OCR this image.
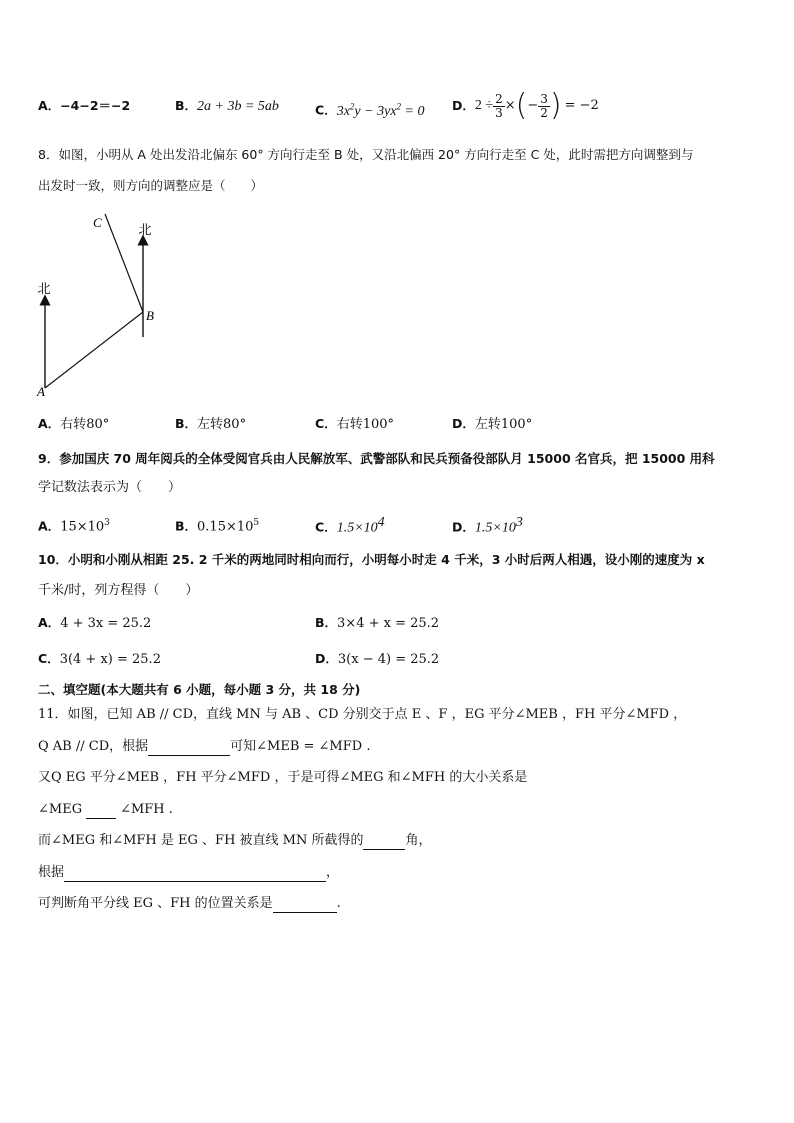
A．−4−2＝−2	B．2a + 3b = 5ab	C．$3x^2y - 3yx^2 = 0$ D． $2 \div \frac{2}{3}$ × ( − $\frac{3}{2}$ ) = −2
8．如图，小明从 A 处出发沿北偏东 60° 方向行走至 B 处，又沿北偏西 20° 方向行走至 C 处，此时需把方向调整到与
出发时一致，则方向的调整应是（　　）
北
北
C
B
A
A．右转80°	B．左转80°	C．右转100°	D．左转100°
9．参加国庆 70 周年阅兵的全体受阅官兵由人民解放军、武警部队和民兵预备役部队月 15000 名官兵，把 15000 用科
学记数法表示为（　　）
A．$15\times 10^3$	B．$0.15\times 10^5$	C．$1.5\times 10^4$	D．$1.5\times 10^3$
10．小明和小刚从相距 25. 2 千米的两地同时相向而行，小明每小时走 4 千米，3 小时后两人相遇，设小刚的速度为 x
千米/时，列方程得（　　）
A．4 + 3x = 25.2	B．3×4 + x = 25.2
C．3(4 + x) = 25.2	D．3(x − 4) = 25.2
二、填空题(本大题共有 6 小题，每小题 3 分，共 18 分)
11．如图，已知 AB // CD，直线 MN 与 AB 、CD 分别交于点 E 、F ，EG 平分∠MEB ，FH 平分∠MFD ，
Q AB // CD，根据	可知∠MEB = ∠MFD .
又Q EG 平分∠MEB ，FH 平分∠MFD ，于是可得∠MEG 和∠MFH 的大小关系是
∠MEG	∠MFH .
而∠MEG 和∠MFH 是 EG 、FH 被直线 MN 所截得的	角，
根据	，
可判断角平分线 EG 、FH 的位置关系是	.
